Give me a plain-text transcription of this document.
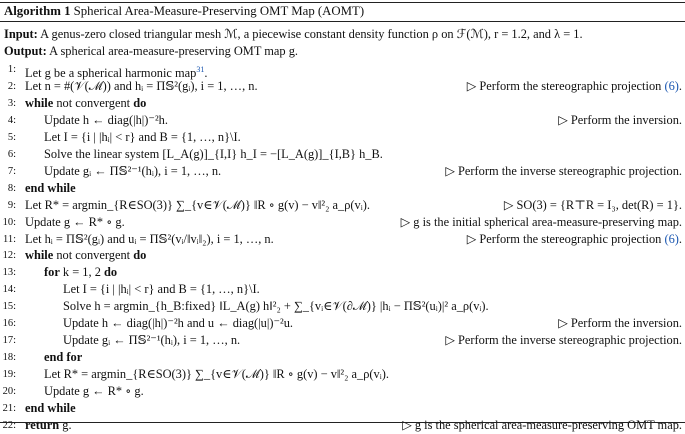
Algorithm 1 Spherical Area-Measure-Preserving OMT Map (AOMT)
Input: A genus-zero closed triangular mesh ℳ, a piecewise constant density function ρ on ℱ(ℳ), r = 1.2, and λ = 1.
Output: A spherical area-measure-preserving OMT map g.
1: Let g be a spherical harmonic map$^{31}$.
2: Let n = #(𝒱(ℳ)) and hᵢ = Π𝕊²(gᵢ), i = 1, …, n.	▷ Perform the stereographic projection (6).
3: while not convergent do
4: Update h ← diag(|h|)⁻²h.	▷ Perform the inversion.
5: Let I = {i | |hᵢ| < r} and B = {1, …, n}\I.
6: Solve the linear system [L_A(g)]_{I,I} h_I = −[L_A(g)]_{I,B} h_B.
7: Update gᵢ ← Π𝕊²⁻¹(hᵢ), i = 1, …, n.	▷ Perform the inverse stereographic projection.
8: end while
9: Let R* = argmin_{R∈SO(3)} ∑_{v∈𝒱(ℳ)} ‖R ∘ g(v) − v‖²₂ a_ρ(vᵢ).	▷ SO(3) = {R⊤R = I₃, det(R) = 1}.
10: Update g ← R* ∘ g.	▷ g is the initial spherical area-measure-preserving map.
11: Let hᵢ = Π𝕊²(gᵢ) and uᵢ = Π𝕊²(vᵢ/‖vᵢ‖₂), i = 1, …, n.	▷ Perform the stereographic projection (6).
12: while not convergent do
13: for k = 1, 2 do
14:	Let I = {i | |hᵢ| < r} and B = {1, …, n}\I.
15:	Solve h = argmin_{h_B:fixed} ‖L_A(g) h‖²₂ + ∑_{vᵢ∈𝒱(∂ℳ)} |hᵢ − Π𝕊²(uᵢ)|² a_ρ(vᵢ).
16:	Update h ← diag(|h|)⁻²h and u ← diag(|u|)⁻²u.	▷ Perform the inversion.
17:	Update gᵢ ← Π𝕊²⁻¹(hᵢ), i = 1, …, n.	▷ Perform the inverse stereographic projection.
18: end for
19: Let R* = argmin_{R∈SO(3)} ∑_{v∈𝒱(ℳ)} ‖R ∘ g(v) − v‖²₂ a_ρ(vᵢ).
20: Update g ← R* ∘ g.
21: end while
22: return g.	▷ g is the spherical area-measure-preserving OMT map.
